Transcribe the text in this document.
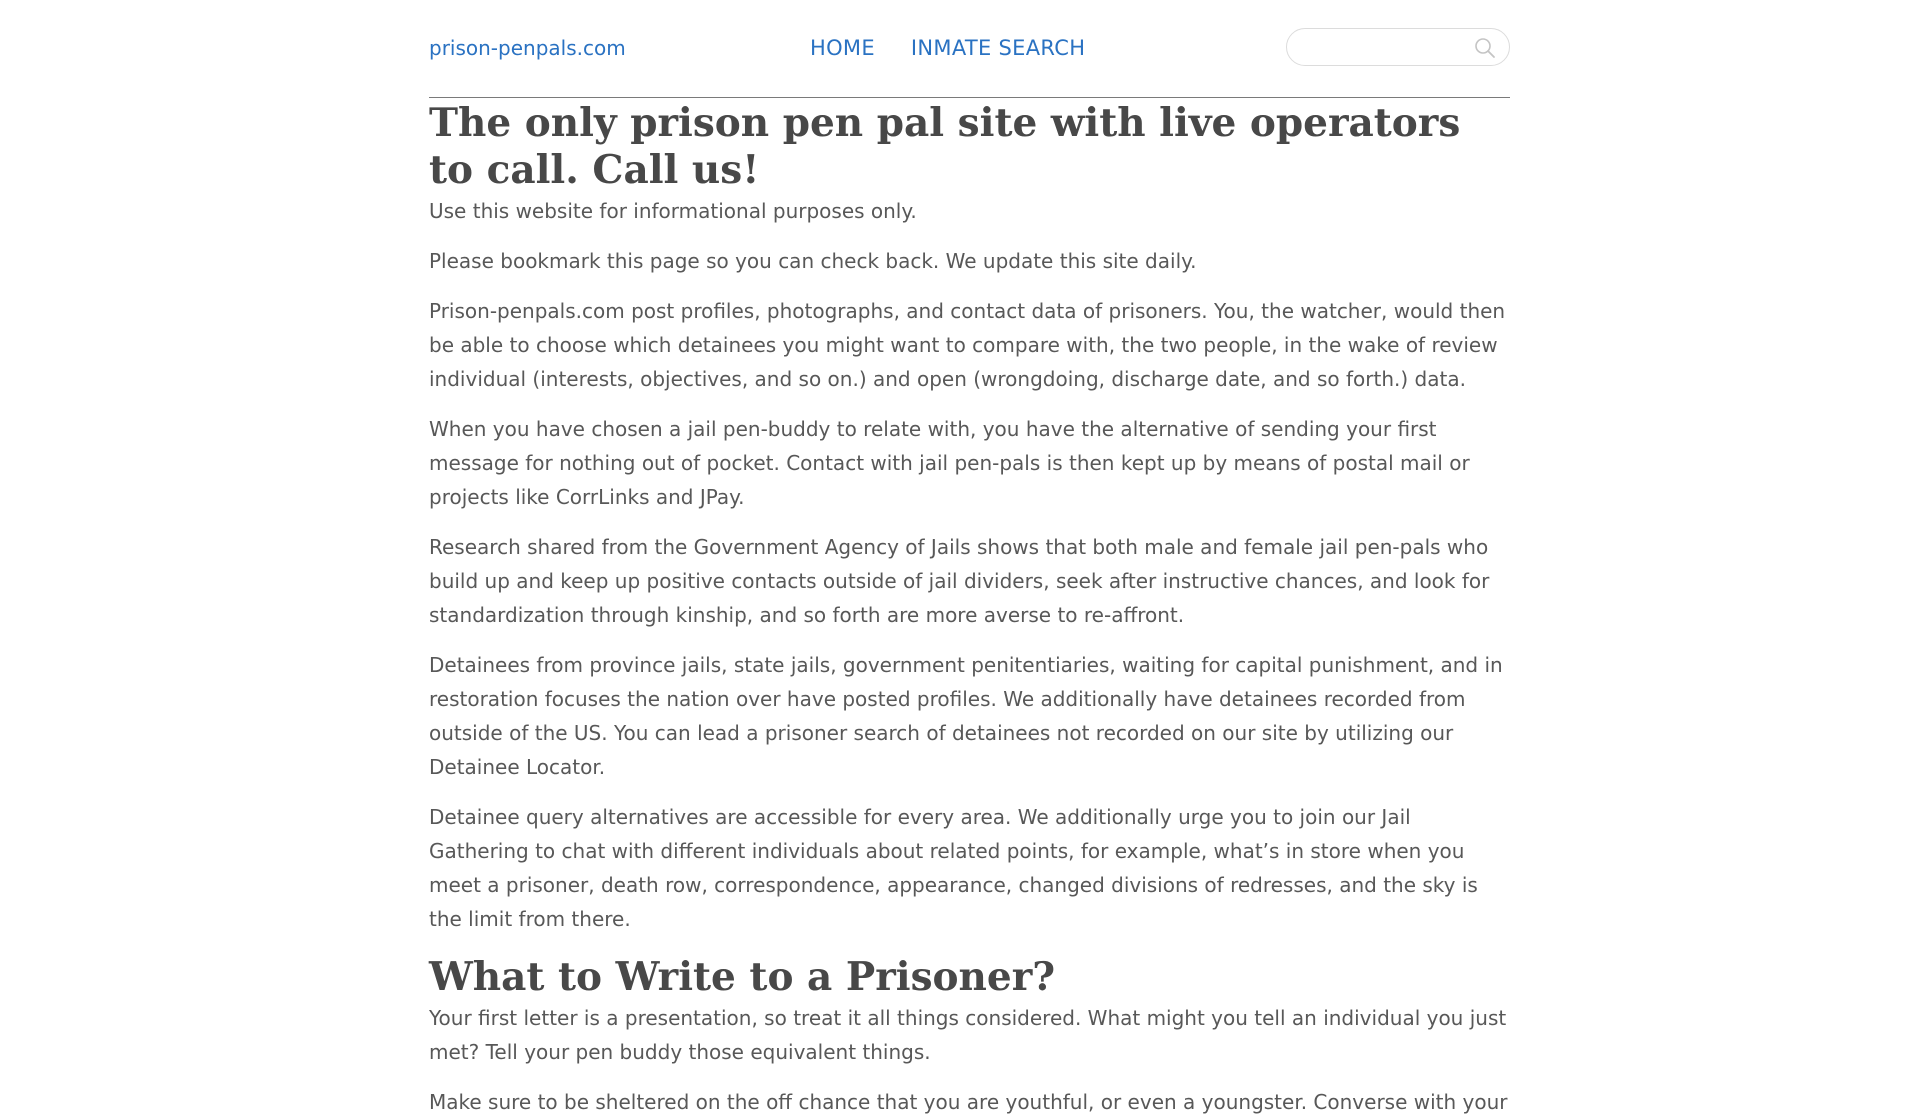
prison-penpals.com	HOME INMATE SEARCH
The only prison pen pal site with live operators to call. Call us!

Use this website for informational purposes only.

Please bookmark this page so you can check back. We update this site daily.

Prison-penpals.com post profiles, photographs, and contact data of prisoners. You, the watcher, would then be able to choose which detainees you might want to compare with, the two people, in the wake of review individual (interests, objectives, and so on.) and open (wrongdoing, discharge date, and so forth.) data.

When you have chosen a jail pen-buddy to relate with, you have the alternative of sending your first message for nothing out of pocket. Contact with jail pen-pals is then kept up by means of postal mail or projects like CorrLinks and JPay.

Research shared from the Government Agency of Jails shows that both male and female jail pen-pals who build up and keep up positive contacts outside of jail dividers, seek after instructive chances, and look for standardization through kinship, and so forth are more averse to re-affront.

Detainees from province jails, state jails, government penitentiaries, waiting for capital punishment, and in restoration focuses the nation over have posted profiles. We additionally have detainees recorded from outside of the US. You can lead a prisoner search of detainees not recorded on our site by utilizing our Detainee Locator.

Detainee query alternatives are accessible for every area. We additionally urge you to join our Jail Gathering to chat with different individuals about related points, for example, what’s in store when you meet a prisoner, death row, correspondence, appearance, changed divisions of redresses, and the sky is the limit from there.

What to Write to a Prisoner?

Your first letter is a presentation, so treat it all things considered. What might you tell an individual you just met? Tell your pen buddy those equivalent things.

Make sure to be sheltered on the off chance that you are youthful, or even a youngster. Converse with your
